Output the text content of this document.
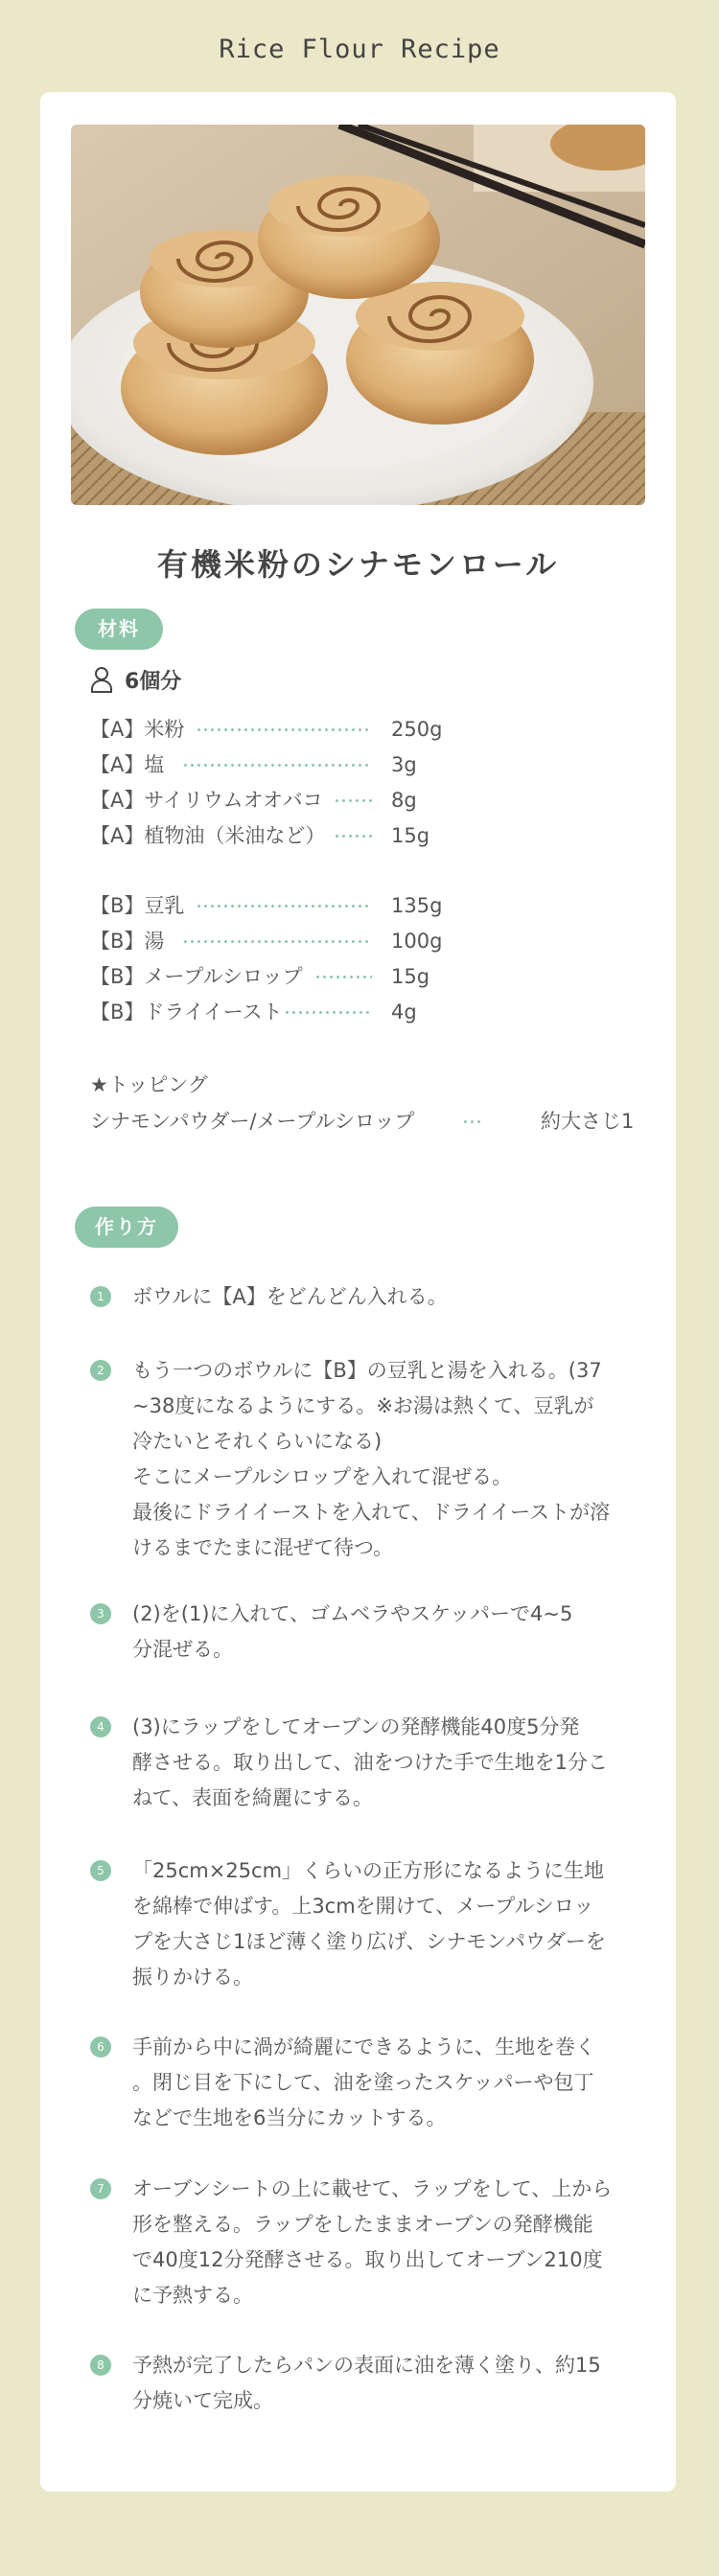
Rice Flour Recipe
有機米粉のシナモンロール
材料
6個分
【A】米粉	250g
【A】塩	3g
【A】サイリウムオオバコ	8g
【A】植物油（米油など）	15g
【B】豆乳	135g
【B】湯	100g
【B】メープルシロップ	15g
【B】ドライイースト	4g
★トッピング
シナモンパウダー/メープルシロップ	約大さじ1
作り方
1	ボウルに【A】をどんどん入れる。
2	もう一つのボウルに【B】の豆乳と湯を入れる。(37
~38度になるようにする。※お湯は熱くて、豆乳が
冷たいとそれくらいになる)
そこにメープルシロップを入れて混ぜる。
最後にドライイーストを入れて、ドライイーストが溶
けるまでたまに混ぜて待つ。
3	(2)を(1)に入れて、ゴムベラやスケッパーで4~5
分混ぜる。
4	(3)にラップをしてオーブンの発酵機能40度5分発
酵させる。取り出して、油をつけた手で生地を1分こ
ねて、表面を綺麗にする。
5	「25cm×25cm」くらいの正方形になるように生地
を綿棒で伸ばす。上3cmを開けて、メープルシロッ
プを大さじ1ほど薄く塗り広げ、シナモンパウダーを
振りかける。
6	手前から中に渦が綺麗にできるように、生地を巻く
。閉じ目を下にして、油を塗ったスケッパーや包丁
などで生地を6当分にカットする。
7	オーブンシートの上に載せて、ラップをして、上から
形を整える。ラップをしたままオーブンの発酵機能
で40度12分発酵させる。取り出してオーブン210度
に予熱する。
8	予熱が完了したらパンの表面に油を薄く塗り、約15
分焼いて完成。
